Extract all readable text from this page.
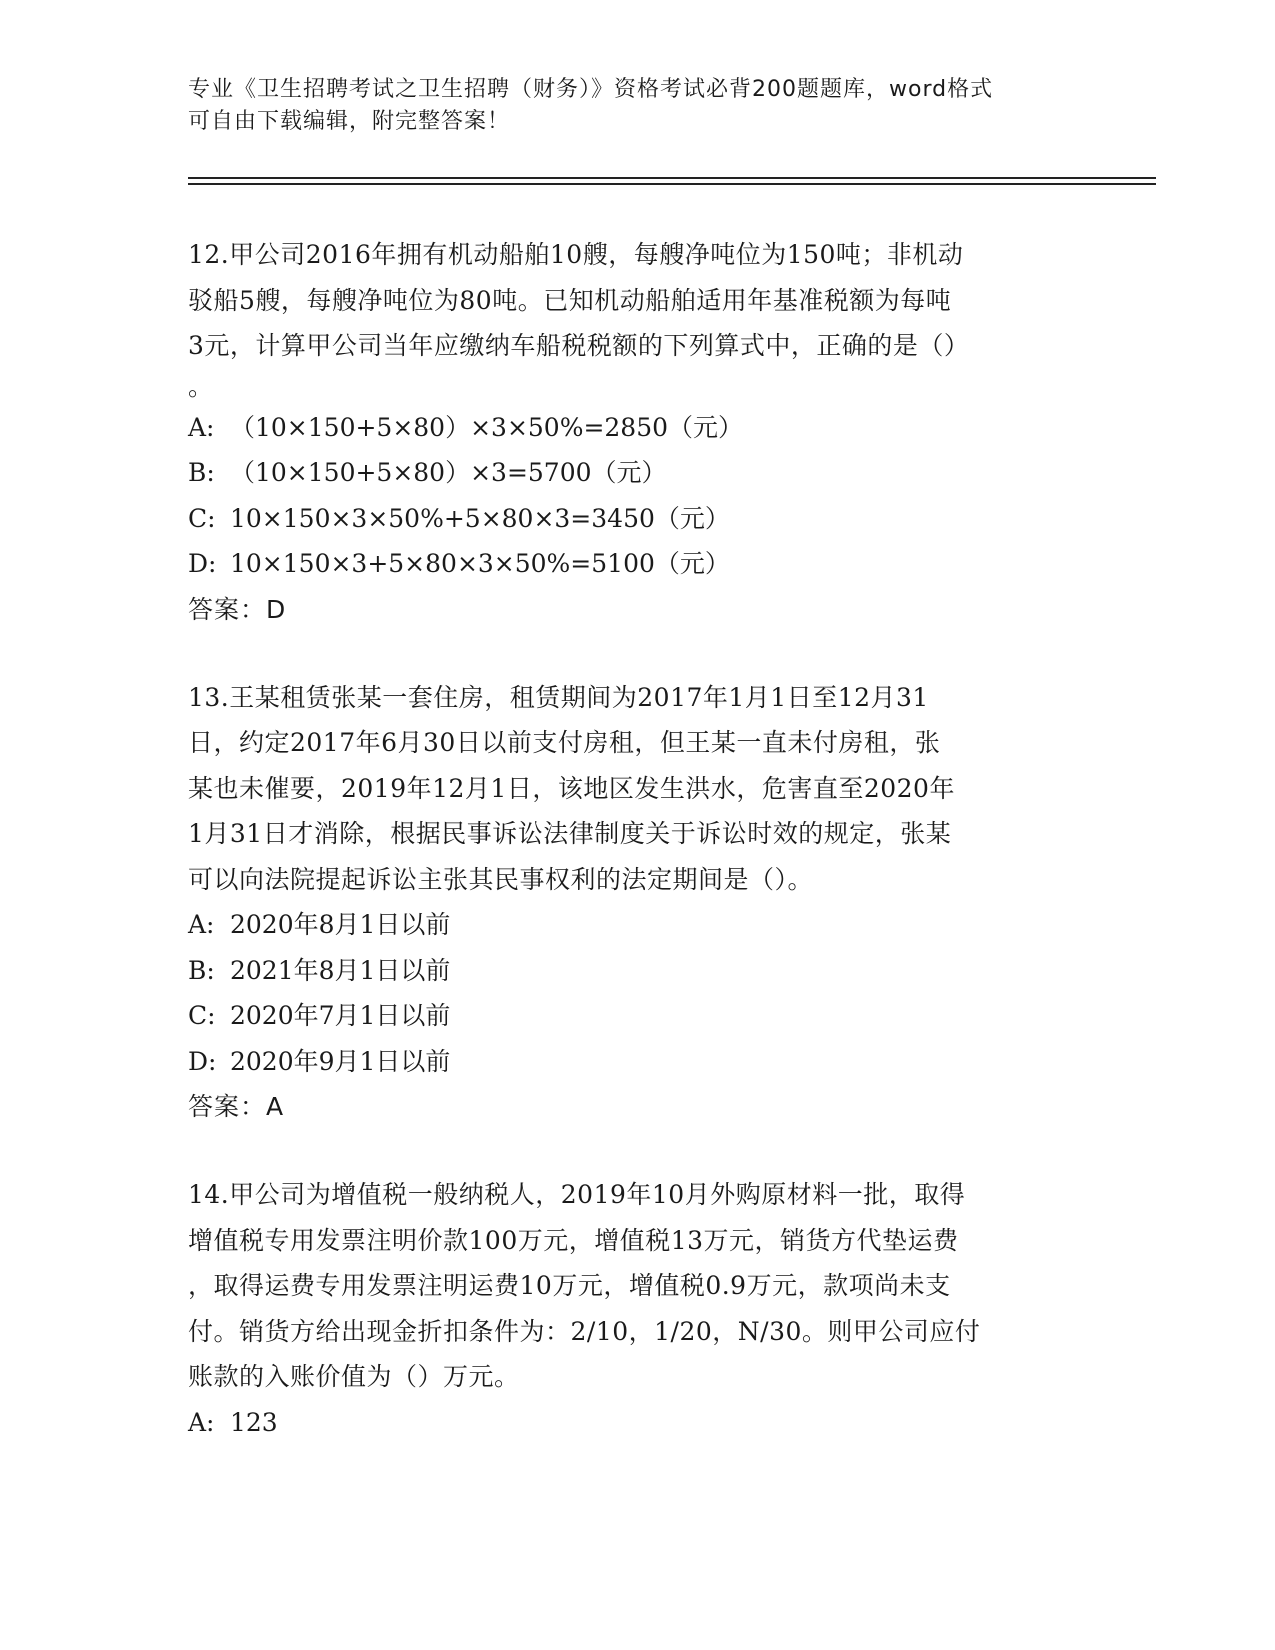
专业《卫生招聘考试之卫生招聘（财务）》资格考试必背200题题库，word格式
可自由下载编辑，附完整答案！
12.甲公司2016年拥有机动船舶10艘，每艘净吨位为150吨；非机动
驳船5艘，每艘净吨位为80吨。已知机动船舶适用年基准税额为每吨
3元，计算甲公司当年应缴纳车船税税额的下列算式中，正确的是（）
。
A: （10×150+5×80）×3×50%=2850（元）
B: （10×150+5×80）×3=5700（元）
C: 10×150×3×50%+5×80×3=3450（元）
D: 10×150×3+5×80×3×50%=5100（元）
答案：D
13.王某租赁张某一套住房，租赁期间为2017年1月1日至12月31
日，约定2017年6月30日以前支付房租，但王某一直未付房租，张
某也未催要，2019年12月1日，该地区发生洪水，危害直至2020年
1月31日才消除，根据民事诉讼法律制度关于诉讼时效的规定，张某
可以向法院提起诉讼主张其民事权利的法定期间是（）。
A: 2020年8月1日以前
B: 2021年8月1日以前
C: 2020年7月1日以前
D: 2020年9月1日以前
答案：A
14.甲公司为增值税一般纳税人，2019年10月外购原材料一批，取得
增值税专用发票注明价款100万元，增值税13万元，销货方代垫运费
，取得运费专用发票注明运费10万元，增值税0.9万元，款项尚未支
付。销货方给出现金折扣条件为：2/10，1/20，N/30。则甲公司应付
账款的入账价值为（）万元。
A: 123
